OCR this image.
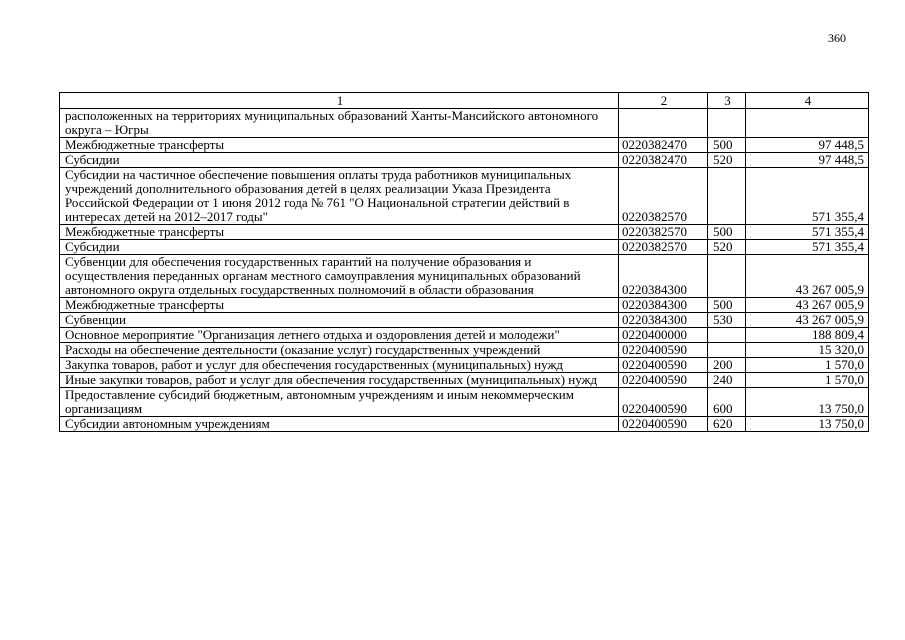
360
1	2	3	4
расположенных на территориях муниципальных образований Ханты-Мансийского автономного округа – Югры			
Межбюджетные трансферты	0220382470	500	97 448,5
Субсидии	0220382470	520	97 448,5
Субсидии на частичное обеспечение повышения оплаты труда работников муниципальных учреждений дополнительного образования детей в целях реализации Указа Президента Российской Федерации от 1 июня 2012 года № 761 "О Национальной стратегии действий в интересах детей на 2012–2017 годы"	0220382570		571 355,4
Межбюджетные трансферты	0220382570	500	571 355,4
Субсидии	0220382570	520	571 355,4
Субвенции для обеспечения государственных гарантий на получение образования и осуществления переданных органам местного самоуправления муниципальных образований автономного округа отдельных государственных полномочий в области образования	0220384300		43 267 005,9
Межбюджетные трансферты	0220384300	500	43 267 005,9
Субвенции	0220384300	530	43 267 005,9
Основное мероприятие "Организация летнего отдыха и оздоровления детей и молодежи"	0220400000		188 809,4
Расходы на обеспечение деятельности (оказание услуг) государственных учреждений	0220400590		15 320,0
Закупка товаров, работ и услуг для обеспечения государственных (муниципальных) нужд	0220400590	200	1 570,0
Иные закупки товаров, работ и услуг для обеспечения государственных (муниципальных) нужд	0220400590	240	1 570,0
Предоставление субсидий бюджетным, автономным учреждениям и иным некоммерческим организациям	0220400590	600	13 750,0
Субсидии автономным учреждениям	0220400590	620	13 750,0
